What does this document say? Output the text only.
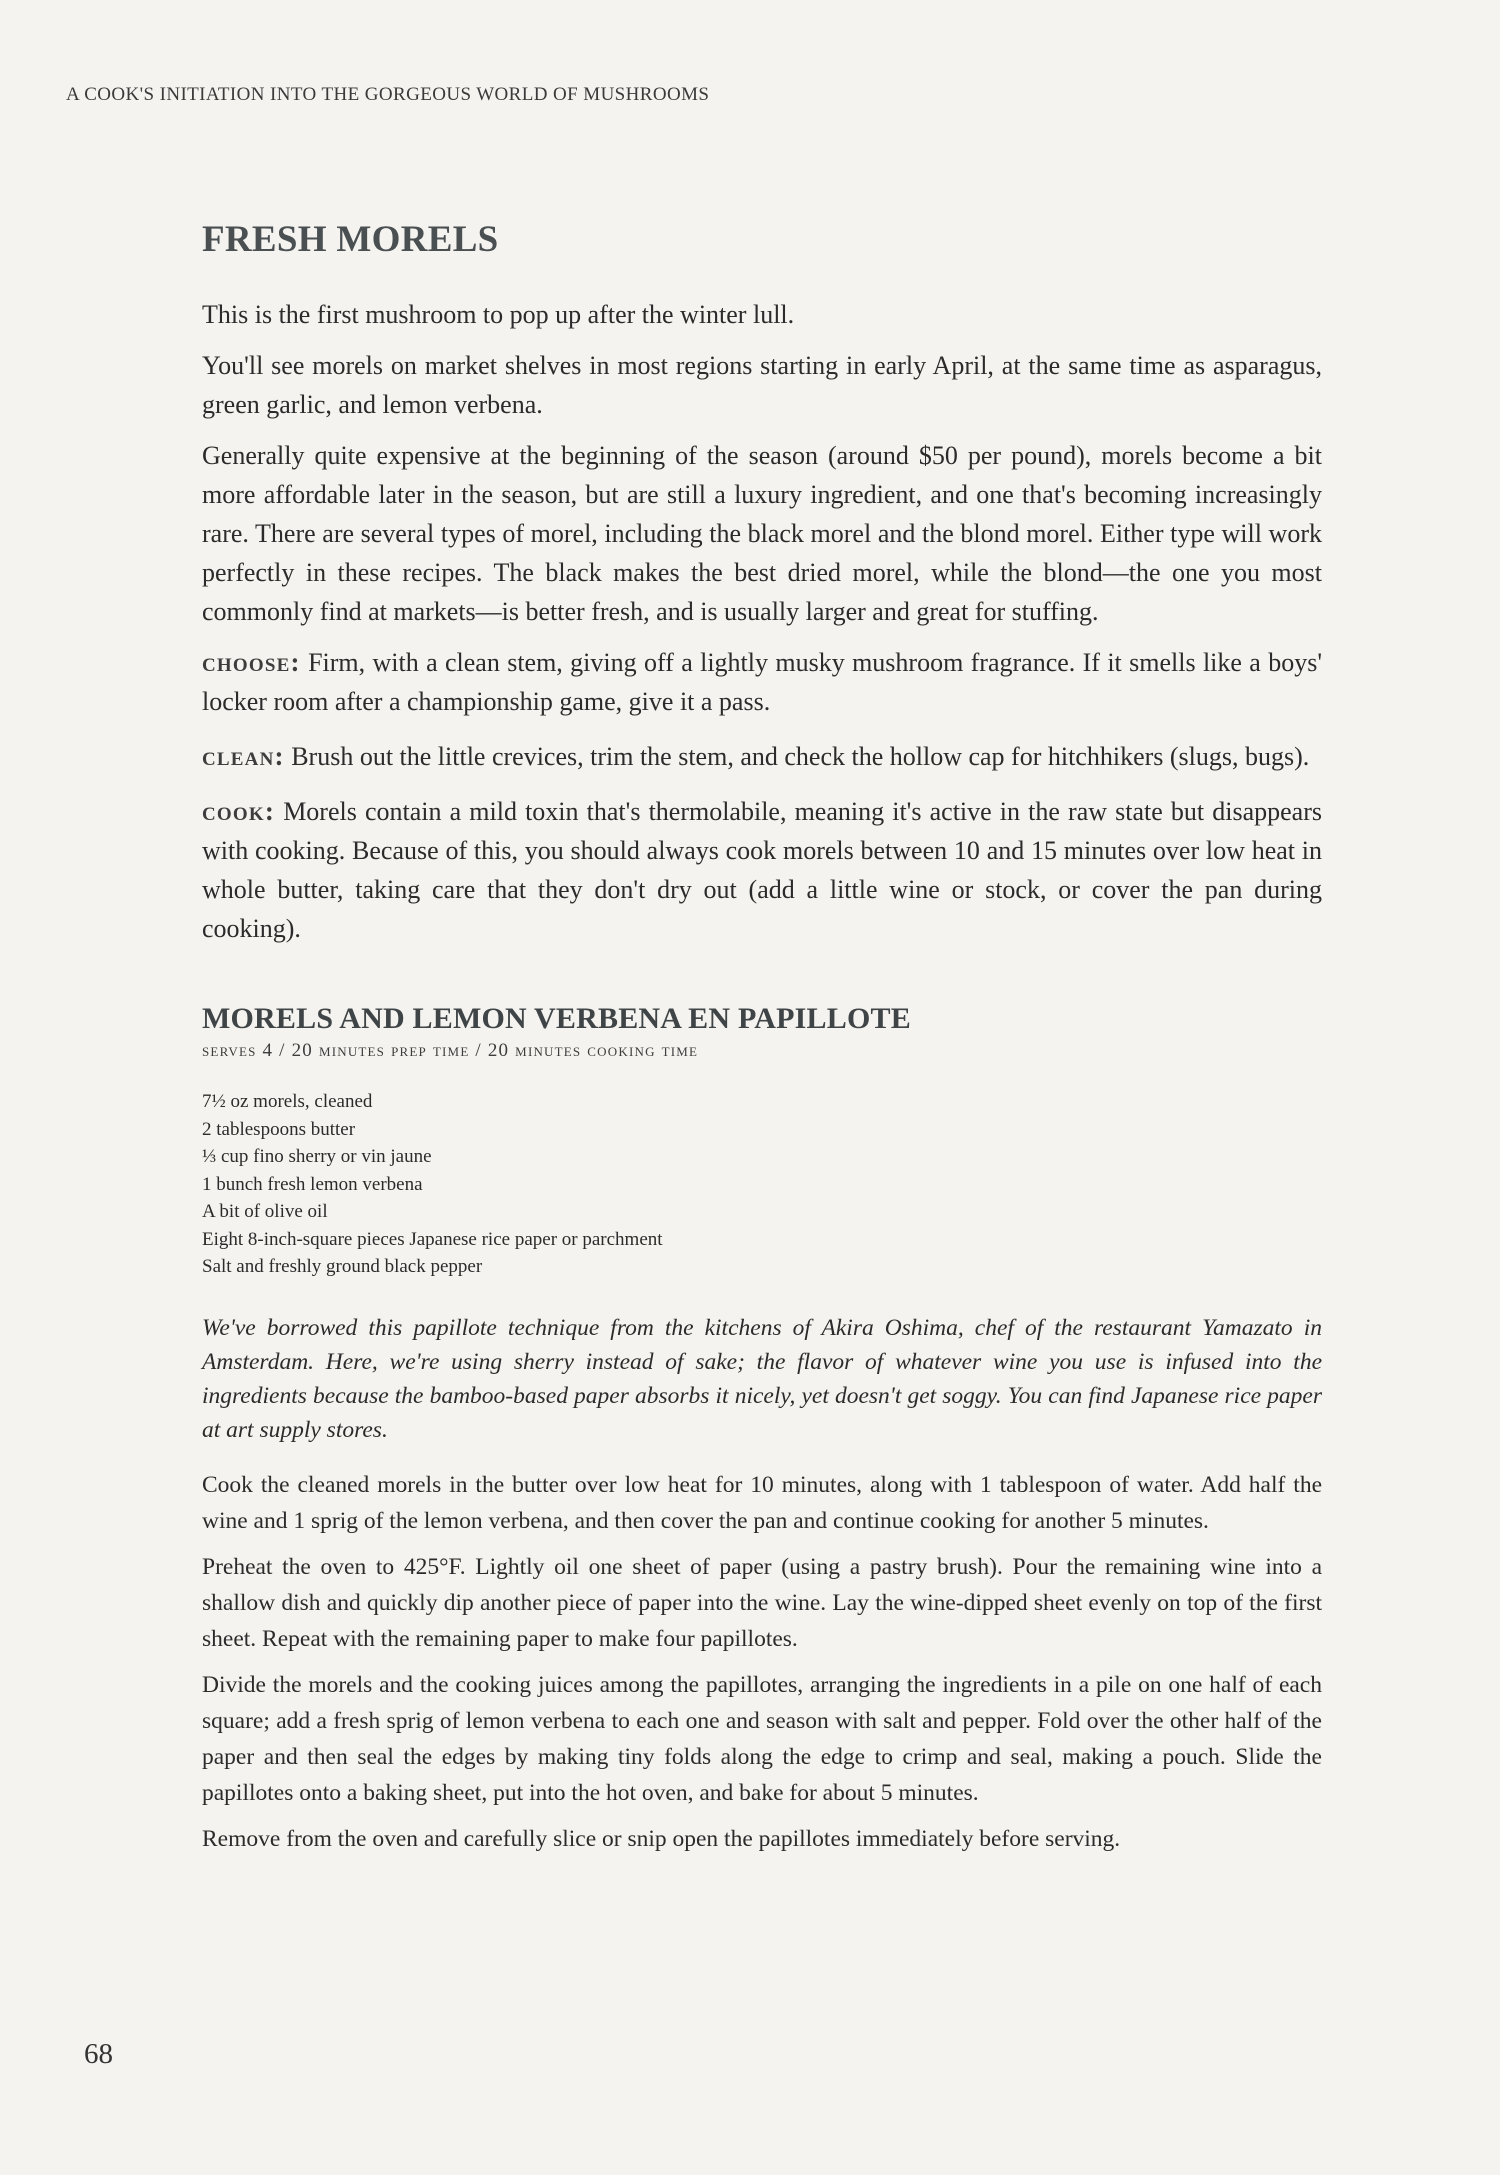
A COOK'S INITIATION INTO THE GORGEOUS WORLD OF MUSHROOMS
FRESH MORELS

This is the first mushroom to pop up after the winter lull.

You'll see morels on market shelves in most regions starting in early April, at the same time as asparagus, green garlic, and lemon verbena.

Generally quite expensive at the beginning of the season (around $50 per pound), morels become a bit more affordable later in the season, but are still a luxury ingredient, and one that's becoming increasingly rare. There are several types of morel, including the black morel and the blond morel. Either type will work perfectly in these recipes. The black makes the best dried morel, while the blond—the one you most commonly find at markets—is better fresh, and is usually larger and great for stuffing.

choose: Firm, with a clean stem, giving off a lightly musky mushroom fragrance. If it smells like a boys' locker room after a championship game, give it a pass.

clean: Brush out the little crevices, trim the stem, and check the hollow cap for hitchhikers (slugs, bugs).

cook: Morels contain a mild toxin that's thermolabile, meaning it's active in the raw state but disappears with cooking. Because of this, you should always cook morels between 10 and 15 minutes over low heat in whole butter, taking care that they don't dry out (add a little wine or stock, or cover the pan during cooking).

MORELS AND LEMON VERBENA EN PAPILLOTE
serves 4 / 20 minutes prep time / 20 minutes cooking time
7½ oz morels, cleaned
2 tablespoons butter
⅓ cup fino sherry or vin jaune
1 bunch fresh lemon verbena
A bit of olive oil
Eight 8-inch-square pieces Japanese rice paper or parchment
Salt and freshly ground black pepper

We've borrowed this papillote technique from the kitchens of Akira Oshima, chef of the restaurant Yamazato in Amsterdam. Here, we're using sherry instead of sake; the flavor of whatever wine you use is infused into the ingredients because the bamboo-based paper absorbs it nicely, yet doesn't get soggy. You can find Japanese rice paper at art supply stores.

Cook the cleaned morels in the butter over low heat for 10 minutes, along with 1 tablespoon of water. Add half the wine and 1 sprig of the lemon verbena, and then cover the pan and continue cooking for another 5 minutes.

Preheat the oven to 425°F. Lightly oil one sheet of paper (using a pastry brush). Pour the remaining wine into a shallow dish and quickly dip another piece of paper into the wine. Lay the wine-dipped sheet evenly on top of the first sheet. Repeat with the remaining paper to make four papillotes.

Divide the morels and the cooking juices among the papillotes, arranging the ingredients in a pile on one half of each square; add a fresh sprig of lemon verbena to each one and season with salt and pepper. Fold over the other half of the paper and then seal the edges by making tiny folds along the edge to crimp and seal, making a pouch. Slide the papillotes onto a baking sheet, put into the hot oven, and bake for about 5 minutes.

Remove from the oven and carefully slice or snip open the papillotes immediately before serving.

68
